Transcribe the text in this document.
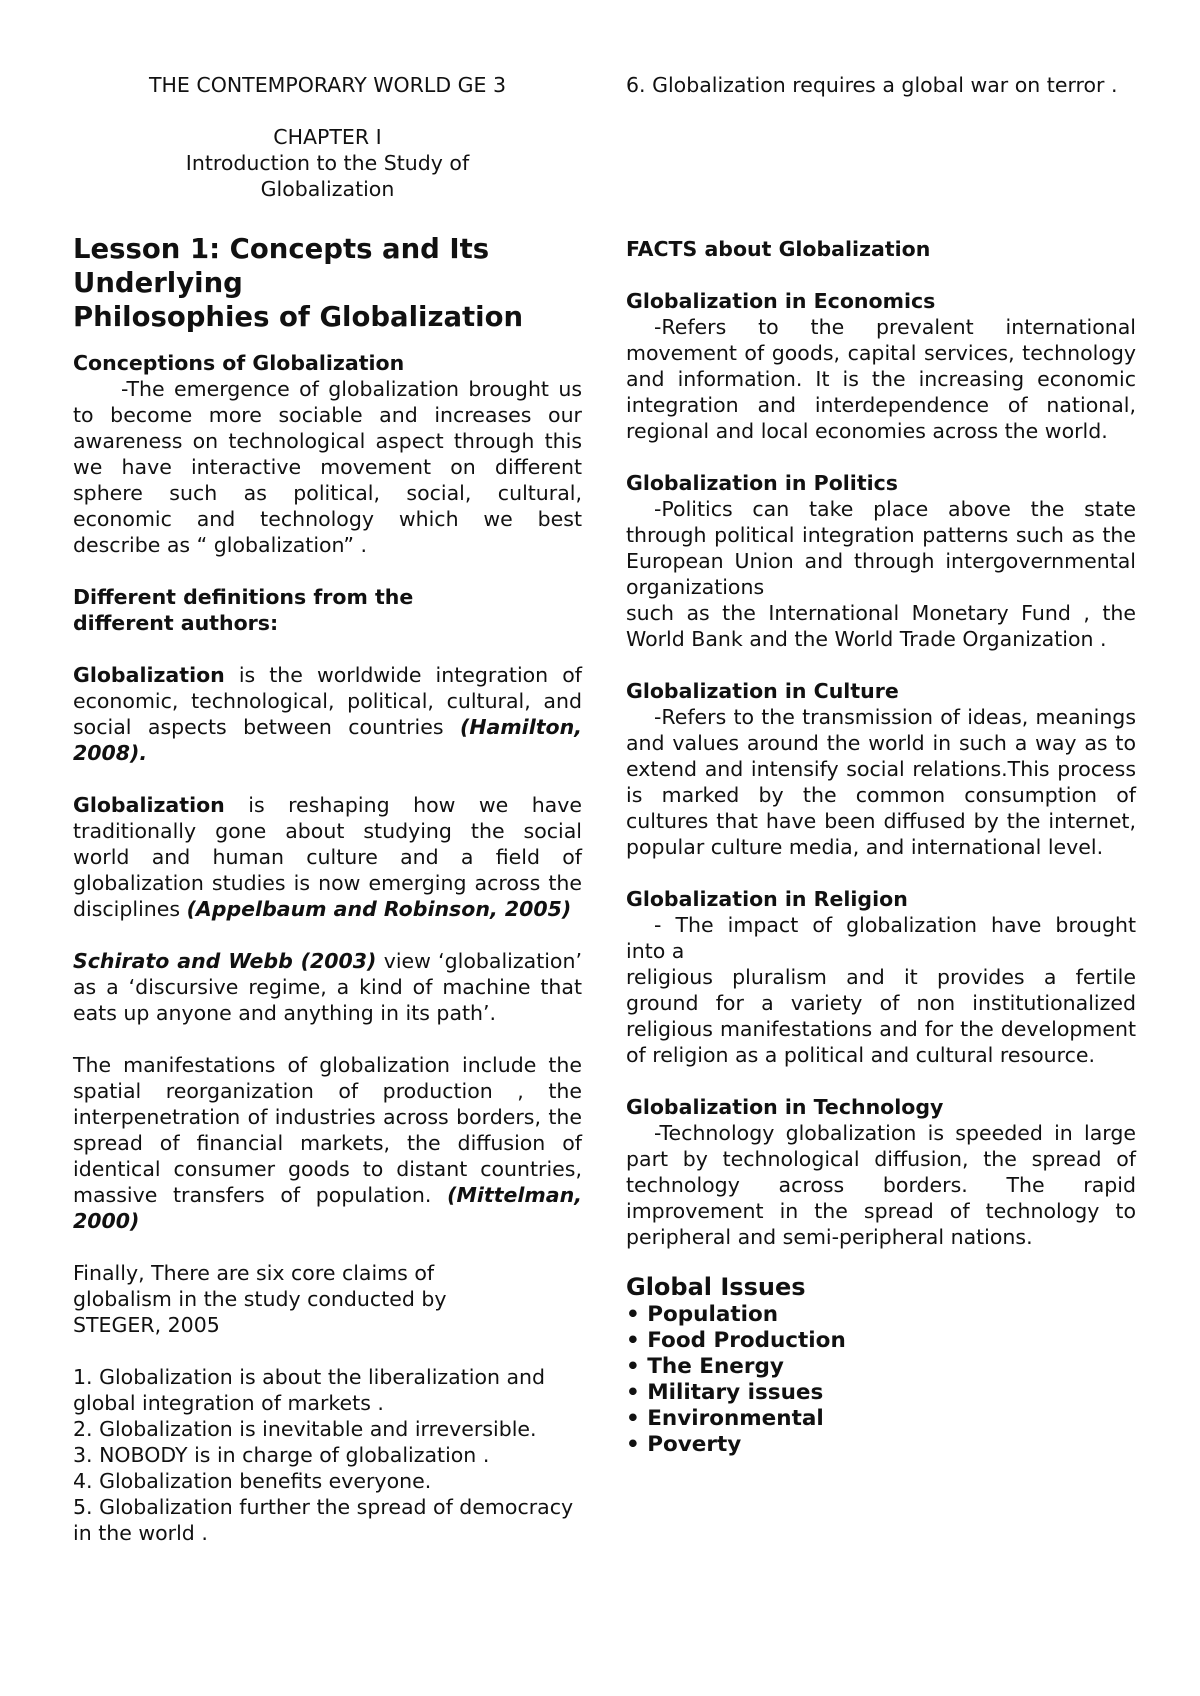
THE CONTEMPORARY WORLD GE 3

CHAPTER I

Introduction to the Study of

Globalization

Lesson 1: Concepts and Its

Underlying

Philosophies of Globalization

Conceptions of Globalization

-The emergence of globalization brought us to become more sociable and increases our awareness on technological aspect through this we have interactive movement on different sphere such as political, social, cultural, economic and technology which we best describe as “ globalization” .

Different definitions from the

different authors:

Globalization is the worldwide integration of economic, technological, political, cultural, and social aspects between countries (Hamilton, 2008).

Globalization is reshaping how we have traditionally gone about studying the social world and human culture and a field of globalization studies is now emerging across the disciplines (Appelbaum and Robinson, 2005)

Schirato and Webb (2003) view ‘globalization’ as a ‘discursive regime, a kind of machine that eats up anyone and anything in its path’.

The manifestations of globalization include the spatial reorganization of production , the interpenetration of industries across borders, the spread of financial markets, the diffusion of identical consumer goods to distant countries, massive transfers of population. (Mittelman, 2000)

Finally, There are six core claims of

globalism in the study conducted by

STEGER, 2005

1. Globalization is about the liberalization and global integration of markets .

2. Globalization is inevitable and irreversible.

3. NOBODY is in charge of globalization .

4. Globalization benefits everyone.

5. Globalization further the spread of democracy in the world .

6. Globalization requires a global war on terror .

FACTS about Globalization

Globalization in Economics

-Refers to the prevalent international movement of goods, capital services, technology and information. It is the increasing economic integration and interdependence of national, regional and local economies across the world.

Globalization in Politics

-Politics can take place above the state through political integration patterns such as the European Union and through intergovernmental organizations

such as the International Monetary Fund , the World Bank and the World Trade Organization .

Globalization in Culture

-Refers to the transmission of ideas, meanings and values around the world in such a way as to extend and intensify social relations.This process is marked by the common consumption of cultures that have been diffused by the internet, popular culture media, and international level.

Globalization in Religion

- The impact of globalization have brought into a

religious pluralism and it provides a fertile ground for a variety of non institutionalized religious manifestations and for the development of religion as a political and cultural resource.

Globalization in Technology

-Technology globalization is speeded in large part by technological diffusion, the spread of technology across borders. The rapid improvement in the spread of technology to peripheral and semi-peripheral nations.

Global Issues

• Population
• Food Production
• The Energy
• Military issues
• Environmental
• Poverty
